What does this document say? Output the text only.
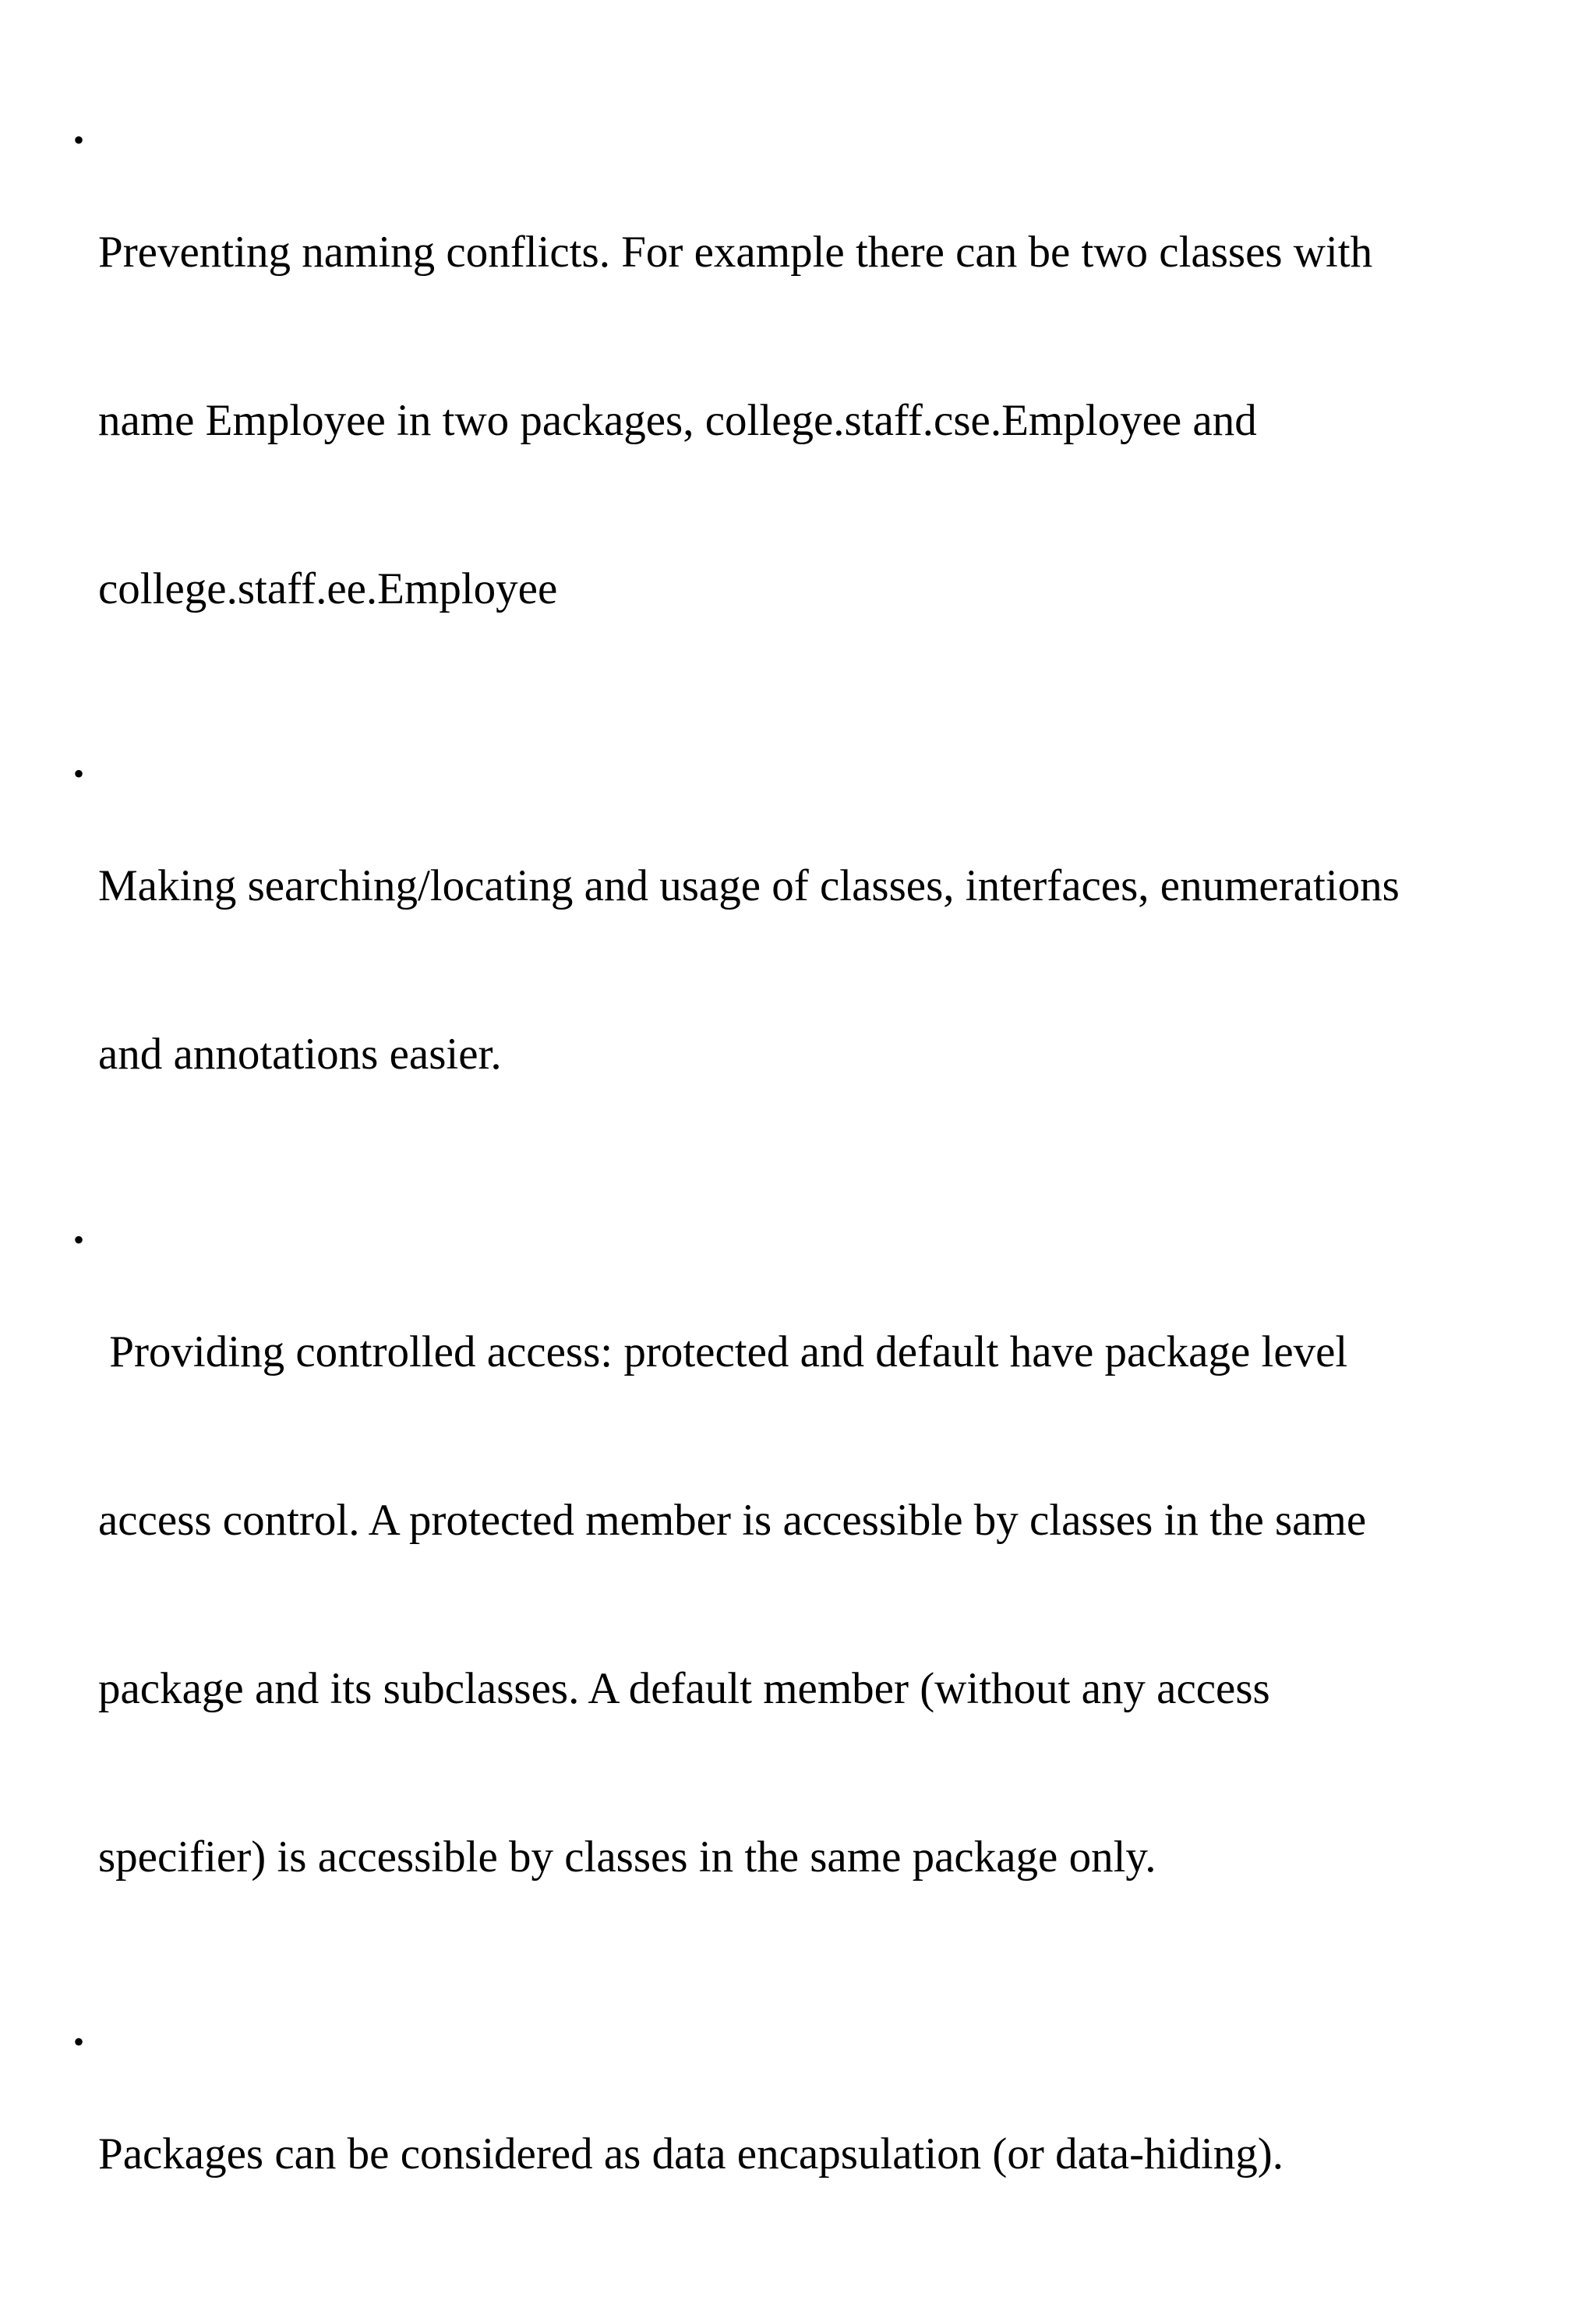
•

Preventing naming conflicts. For example there can be two classes with

name Employee in two packages, college.staff.cse.Employee and

college.staff.ee.Employee

•

Making searching/locating and usage of classes, interfaces, enumerations

and annotations easier.

•

Providing controlled access: protected and default have package level

access control. A protected member is accessible by classes in the same

package and its subclasses. A default member (without any access

specifier) is accessible by classes in the same package only.

•

Packages can be considered as data encapsulation (or data-hiding).
